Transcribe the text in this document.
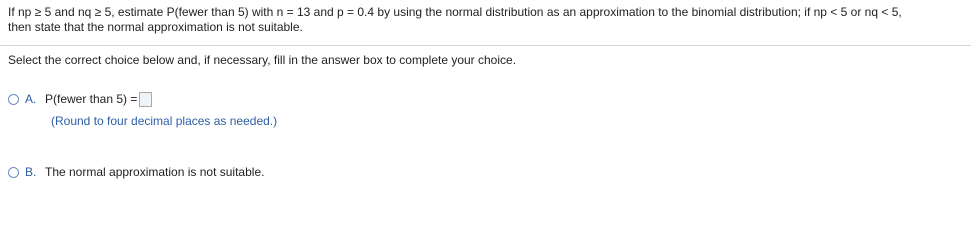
If np ≥ 5 and nq ≥ 5, estimate P(fewer than 5) with n = 13 and p = 0.4 by using the normal distribution as an approximation to the binomial distribution; if np < 5 or nq < 5,
then state that the normal approximation is not suitable.
Select the correct choice below and, if necessary, fill in the answer box to complete your choice.
A. P(fewer than 5) =
(Round to four decimal places as needed.)
B. The normal approximation is not suitable.
